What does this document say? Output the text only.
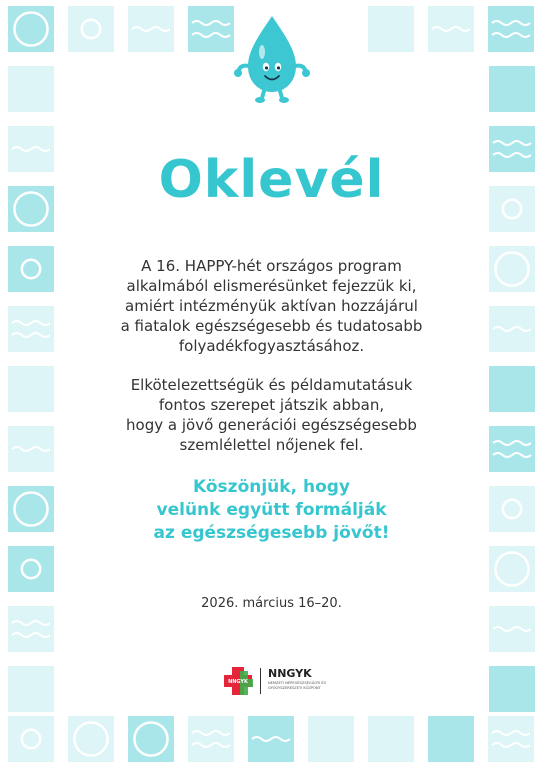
Oklevél
A 16. HAPPY-hét országos program
alkalmából elismerésünket fejezzük ki,
amiért intézményük aktívan hozzájárul
a fiatalok egészségesebb és tudatosabb
folyadékfogyasztásához.
Elkötelezettségük és példamutatásuk
fontos szerepet játszik abban,
hogy a jövő generációi egészségesebb
szemlélettel nőjenek fel.
Köszönjük, hogy
velünk együtt formálják
az egészségesebb jövőt!
2026. március 16–20.
NNGYK
NNGYK
NEMZETI NÉPEGÉSZSÉGÜGYI ÉS GYÓGYSZERÉSZETI KÖZPONT
